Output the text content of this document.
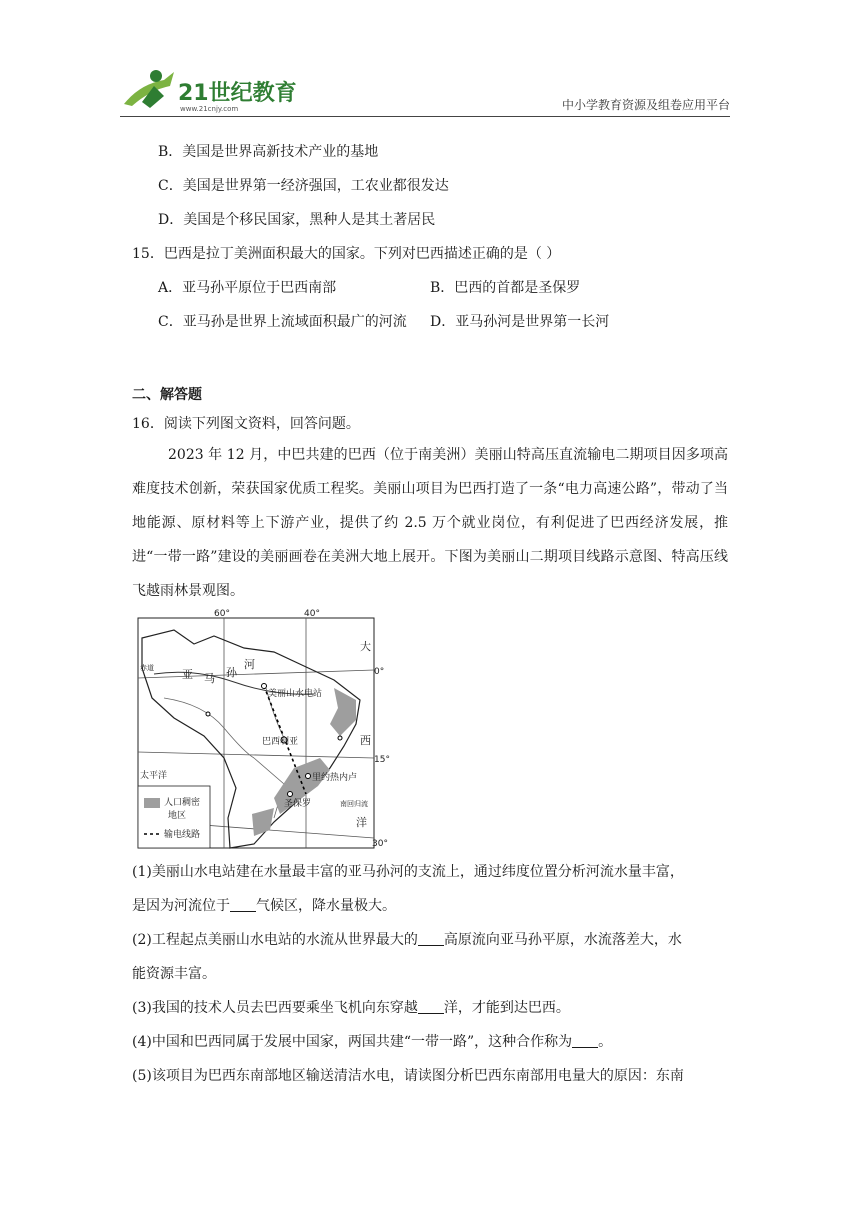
21世纪教育
www.21cnjy.com	中小学教育资源及组卷应用平台
B．美国是世界高新技术产业的基地
C．美国是世界第一经济强国，工农业都很发达
D．美国是个移民国家，黑种人是其土著居民
15．巴西是拉丁美洲面积最大的国家。下列对巴西描述正确的是（ ）
A．亚马孙平原位于巴西南部	B．巴西的首都是圣保罗
C．亚马孙是世界上流域面积最广的河流 D．亚马孙河是世界第一长河
二、解答题
16．阅读下列图文资料，回答问题。
2023 年 12 月，中巴共建的巴西（位于南美洲）美丽山特高压直流输电二期项目因多项高难度技术创新，荣获国家优质工程奖。美丽山项目为巴西打造了一条“电力高速公路”，带动了当地能源、原材料等上下游产业，提供了约 2.5 万个就业岗位，有利促进了巴西经济发展，推进“一带一路”建设的美丽画卷在美洲大地上展开。下图为美丽山二期项目线路示意图、特高压线飞越雨林景观图。
60°	40°
0°
15°
30°
赤道	亚 马 孙
河
美丽山水电站
巴西利亚
里约热内卢
圣保罗	南回归流
大
西
洋
太平洋
人口稠密
地区
输电线路
(1)美丽山水电站建在水量最丰富的亚马孙河的支流上，通过纬度位置分析河流水量丰富，
是因为河流位于 气候区，降水量极大。
(2)工程起点美丽山水电站的水流从世界最大的 高原流向亚马孙平原，水流落差大，水
能资源丰富。
(3)我国的技术人员去巴西要乘坐飞机向东穿越 洋，才能到达巴西。
(4)中国和巴西同属于发展中国家，两国共建“一带一路”，这种合作称为 。
(5)该项目为巴西东南部地区输送清洁水电，请读图分析巴西东南部用电量大的原因：东南
